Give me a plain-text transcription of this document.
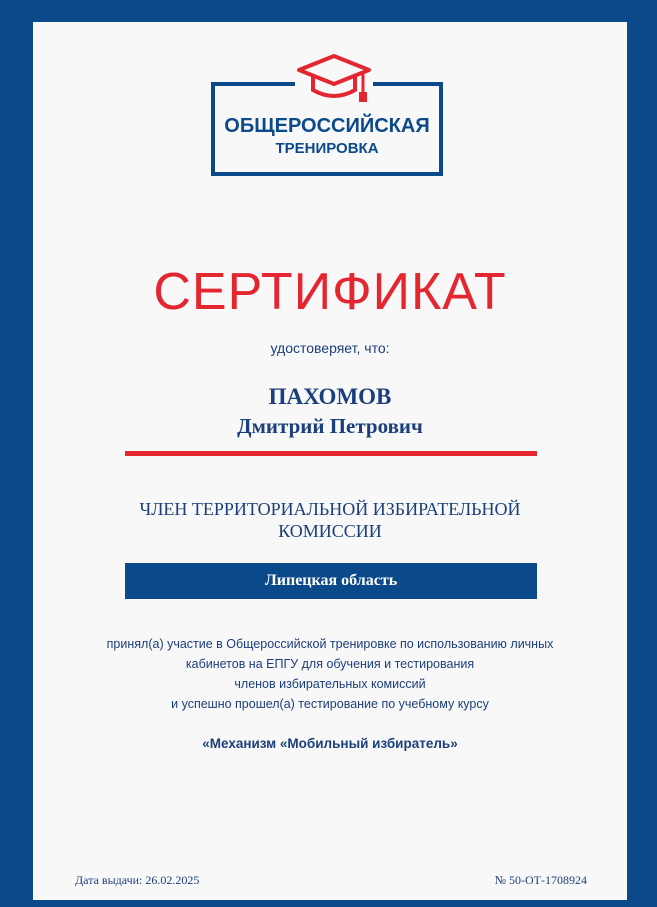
ОБЩЕРОССИЙСКАЯ
ТРЕНИРОВКА
СЕРТИФИКАТ
удостоверяет, что:
ПАХОМОВ
Дмитрий Петрович
ЧЛЕН ТЕРРИТОРИАЛЬНОЙ ИЗБИРАТЕЛЬНОЙ
КОМИССИИ
Липецкая область
принял(а) участие в Общероссийской тренировке по использованию личных
кабинетов на ЕПГУ для обучения и тестирования
членов избирательных комиссий
и успешно прошел(а) тестирование по учебному курсу
«Механизм «Мобильный избиратель»
Дата выдачи: 26.02.2025	№ 50-ОТ-1708924
